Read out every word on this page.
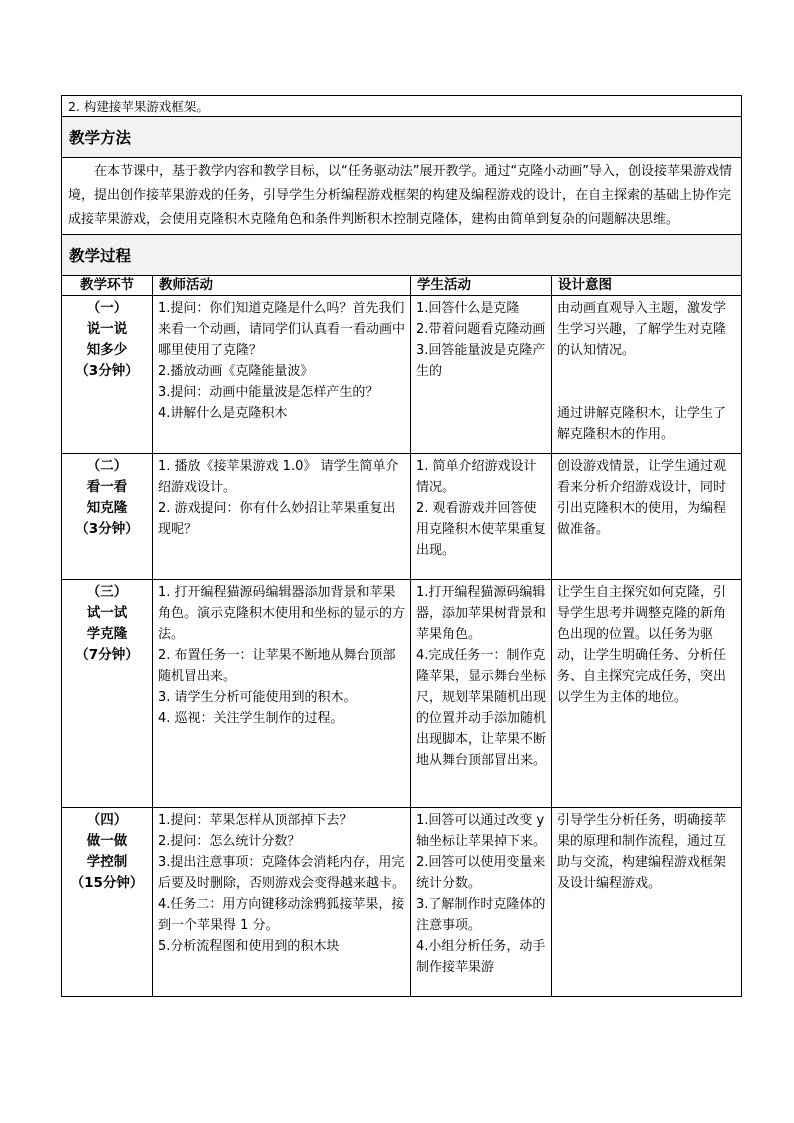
2. 构建接苹果游戏框架。			
教学方法			

在本节课中，基于教学内容和教学目标，以“任务驱动法”展开教学。通过“克隆小动画”导入，创设接苹果游戏情境，提出创作接苹果游戏的任务，引导学生分析编程游戏框架的构建及编程游戏的设计，在自主探索的基础上协作完成接苹果游戏，会使用克隆积木克隆角色和条件判断积木控制克隆体，建构由简单到复杂的问题解决思维。			

教学过程			
教学环节	教师活动	学生活动	设计意图

（一）
说一说
知多少
（3分钟）	1.提问：你们知道克隆是什么吗？首先我们来看一个动画，请同学们认真看一看动画中哪里使用了克隆？
2.播放动画《克隆能量波》
3.提问：动画中能量波是怎样产生的？
4.讲解什么是克隆积木	1.回答什么是克隆
2.带着问题看克隆动画
3.回答能量波是克隆产生的	由动画直观导入主题，激发学生学习兴趣，了解学生对克隆的认知情况。
通过讲解克隆积木，让学生了解克隆积木的作用。

（二）
看一看
知克隆
（3分钟）	1. 播放《接苹果游戏 1.0》 请学生简单介绍游戏设计。
2. 游戏提问：你有什么妙招让苹果重复出现呢？	1. 简单介绍游戏设计情况。
2. 观看游戏并回答使用克隆积木使苹果重复出现。	创设游戏情景，让学生通过观看来分析介绍游戏设计，同时引出克隆积木的使用，为编程做准备。

（三）
试一试
学克隆
（7分钟）	1. 打开编程猫源码编辑器添加背景和苹果角色。演示克隆积木使用和坐标的显示的方法。
2. 布置任务一：让苹果不断地从舞台顶部随机冒出来。
3. 请学生分析可能使用到的积木。
4. 巡视：关注学生制作的过程。	1.打开编程猫源码编辑器，添加苹果树背景和苹果角色。
4.完成任务一：制作克隆苹果，显示舞台坐标尺，规划苹果随机出现的位置并动手添加随机出现脚本，让苹果不断地从舞台顶部冒出来。	让学生自主探究如何克隆，引导学生思考并调整克隆的新角色出现的位置。以任务为驱动，让学生明确任务、分析任务、自主探究完成任务，突出以学生为主体的地位。

（四）
做一做
学控制
（15分钟）	1.提问：苹果怎样从顶部掉下去？
2.提问：怎么统计分数？
3.提出注意事项：克隆体会消耗内存，用完后要及时删除，否则游戏会变得越来越卡。
4.任务二：用方向键移动涂鸦狐接苹果，接到一个苹果得 1 分。
5.分析流程图和使用到的积木块	1.回答可以通过改变 y 轴坐标让苹果掉下来。
2.回答可以使用变量来统计分数。
3.了解制作时克隆体的注意事项。
4.小组分析任务，动手制作接苹果游	引导学生分析任务，明确接苹果的原理和制作流程，通过互助与交流，构建编程游戏框架及设计编程游戏。
